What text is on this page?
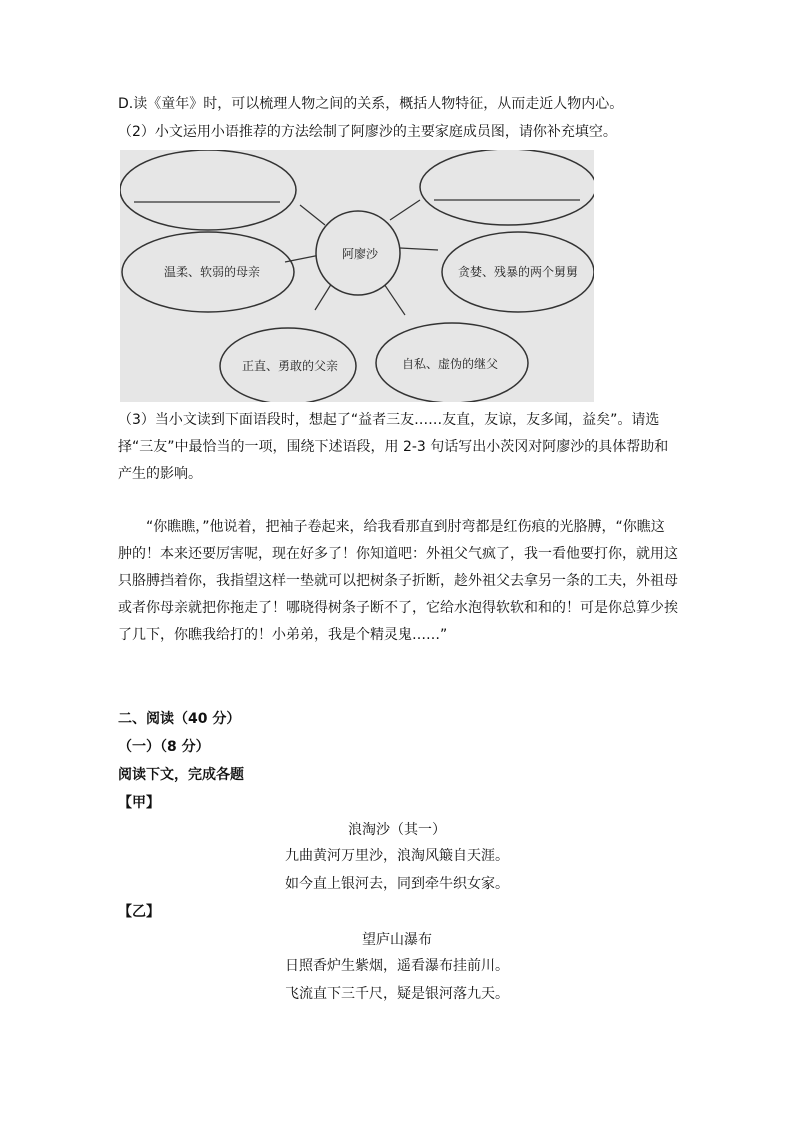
D.读《童年》时，可以梳理人物之间的关系，概括人物特征，从而走近人物内心。
（2）小文运用小语推荐的方法绘制了阿廖沙的主要家庭成员图，请你补充填空。
阿廖沙
温柔、软弱的母亲	贪婪、残暴的两个舅舅
正直、勇敢的父亲	自私、虚伪的继父
（3）当小文读到下面语段时，想起了“益者三友……友直，友谅，友多闻，益矣”。请选择“三友”中最恰当的一项，围绕下述语段，用 2-3 句话写出小茨冈对阿廖沙的具体帮助和产生的影响。
“你瞧瞧，”他说着，把袖子卷起来，给我看那直到肘弯都是红伤痕的光胳膊，“你瞧这肿的！本来还要厉害呢，现在好多了！你知道吧：外祖父气疯了，我一看他要打你，就用这只胳膊挡着你，我指望这样一垫就可以把树条子折断，趁外祖父去拿另一条的工夫，外祖母或者你母亲就把你拖走了！哪晓得树条子断不了，它给水泡得软软和和的！可是你总算少挨了几下，你瞧我给打的！小弟弟，我是个精灵鬼……”
二、阅读（40 分）
（一）（8 分）
阅读下文，完成各题
【甲】
浪淘沙（其一）
九曲黄河万里沙，浪淘风簸自天涯。
如今直上银河去，同到牵牛织女家。
【乙】
望庐山瀑布
日照香炉生紫烟，遥看瀑布挂前川。
飞流直下三千尺，疑是银河落九天。
